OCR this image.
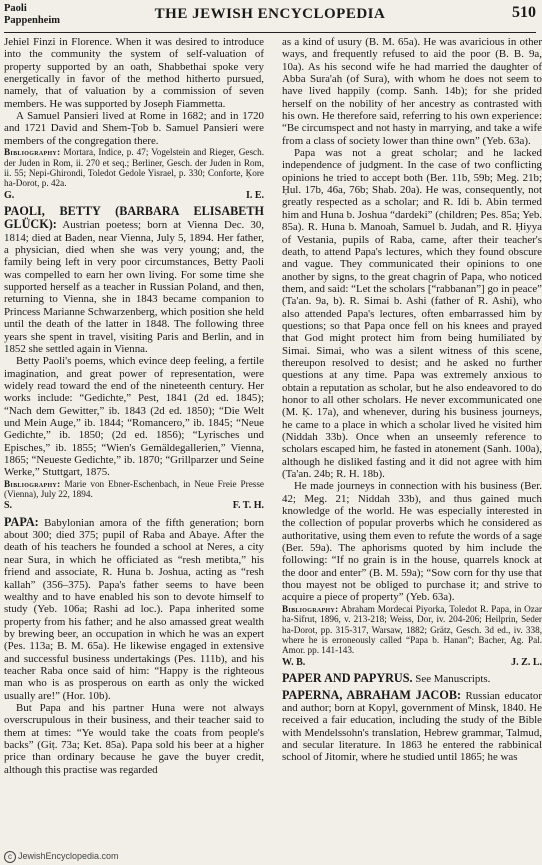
Paoli
Pappenheim	THE JEWISH ENCYCLOPEDIA	510

Jehiel Finzi in Florence. When it was desired to introduce into the community the system of self-valuation of property supported by an oath, Shabbethai spoke very energetically in favor of the method hitherto pursued, namely, that of valuation by a commission of seven members. He was supported by Joseph Fiammetta.

A Samuel Pansieri lived at Rome in 1682; and in 1720 and 1721 David and Shem-Ṭob b. Samuel Pansieri were members of the congregation there.

Bibliography: Mortara, Indice, p. 47; Vogelstein and Rieger, Gesch. der Juden in Rom, ii. 270 et seq.; Berliner, Gesch. der Juden in Rom, ii. 55; Nepi-Ghirondi, Toledot Gedole Yisrael, p. 330; Conforte, Ḳore ha-Dorot, p. 42a.

G.	I. E.

PAOLI, BETTY (BARBARA ELISABETH GLÜCK): Austrian poetess; born at Vienna Dec. 30, 1814; died at Baden, near Vienna, July 5, 1894. Her father, a physician, died when she was very young; and, the family being left in very poor circumstances, Betty Paoli was compelled to earn her own living. For some time she supported herself as a teacher in Russian Poland, and then, returning to Vienna, she in 1843 became companion to Princess Marianne Schwarzenberg, which position she held until the death of the latter in 1848. The following three years she spent in travel, visiting Paris and Berlin, and in 1852 she settled again in Vienna.

Betty Paoli's poems, which evince deep feeling, a fertile imagination, and great power of representation, were widely read toward the end of the nineteenth century. Her works include: “Gedichte,” Pest, 1841 (2d ed. 1845); “Nach dem Gewitter,” ib. 1843 (2d ed. 1850); “Die Welt und Mein Auge,” ib. 1844; “Romancero,” ib. 1845; “Neue Gedichte,” ib. 1850; (2d ed. 1856); “Lyrisches und Episches,” ib. 1855; “Wien's Gemäldegallerien,” Vienna, 1865; “Neueste Gedichte,” ib. 1870; “Grillparzer und Seine Werke,” Stuttgart, 1875.

Bibliography: Marie von Ebner-Eschenbach, in Neue Freie Presse (Vienna), July 22, 1894.

S.	F. T. H.

PAPA: Babylonian amora of the fifth generation; born about 300; died 375; pupil of Raba and Abaye. After the death of his teachers he founded a school at Neres, a city near Sura, in which he officiated as “resh metibta,” his friend and associate, R. Huna b. Joshua, acting as “resh kallah” (356–375). Papa's father seems to have been wealthy and to have enabled his son to devote himself to study (Yeb. 106a; Rashi ad loc.). Papa inherited some property from his father; and he also amassed great wealth by brewing beer, an occupation in which he was an expert (Pes. 113a; B. M. 65a). He likewise engaged in extensive and successful business undertakings (Pes. 111b), and his teacher Raba once said of him: “Happy is the righteous man who is as prosperous on earth as only the wicked usually are!” (Hor. 10b).

But Papa and his partner Huna were not always overscrupulous in their business, and their teacher said to them at times: “Ye would take the coats from people's backs” (Giṭ. 73a; Ket. 85a). Papa sold his beer at a higher price than ordinary because he gave the buyer credit, although this practise was regarded

as a kind of usury (B. M. 65a). He was avaricious in other ways, and frequently refused to aid the poor (B. B. 9a, 10a). As his second wife he had married the daughter of Abba Sura'ah (of Sura), with whom he does not seem to have lived happily (comp. Sanh. 14b); for she prided herself on the nobility of her ancestry as contrasted with his own. He therefore said, referring to his own experience: “Be circumspect and not hasty in marrying, and take a wife from a class of society lower than thine own” (Yeb. 63a).

Papa was not a great scholar; and he lacked independence of judgment. In the case of two conflicting opinions he tried to accept both (Ber. 11b, 59b; Meg. 21b; Ḥul. 17b, 46a, 76b; Shab. 20a). He was, consequently, not greatly respected as a scholar; and R. Idi b. Abin termed him and Huna b. Joshua “dardeki” (children; Pes. 85a; Yeb. 85a). R. Huna b. Manoah, Samuel b. Judah, and R. Ḥiyya of Vestania, pupils of Raba, came, after their teacher's death, to attend Papa's lectures, which they found obscure and vague. They communicated their opinions to one another by signs, to the great chagrin of Papa, who noticed them, and said: “Let the scholars [“rabbanan”] go in peace” (Ta'an. 9a, b). R. Simai b. Ashi (father of R. Ashi), who also attended Papa's lectures, often embarrassed him by questions; so that Papa once fell on his knees and prayed that God might protect him from being humiliated by Simai. Simai, who was a silent witness of this scene, thereupon resolved to desist; and he asked no further questions at any time. Papa was extremely anxious to obtain a reputation as scholar, but he also endeavored to do honor to all other scholars. He never excommunicated one (M. Ḳ. 17a), and whenever, during his business journeys, he came to a place in which a scholar lived he visited him (Niddah 33b). Once when an unseemly reference to scholars escaped him, he fasted in atonement (Sanh. 100a), although he disliked fasting and it did not agree with him (Ta'an. 24b; R. H. 18b).

He made journeys in connection with his business (Ber. 42; Meg. 21; Niddah 33b), and thus gained much knowledge of the world. He was especially interested in the collection of popular proverbs which he considered as authoritative, using them even to refute the words of a sage (Ber. 59a). The aphorisms quoted by him include the following: “If no grain is in the house, quarrels knock at the door and enter” (B. M. 59a); “Sow corn for thy use that thou mayest not be obliged to purchase it; and strive to acquire a piece of property” (Yeb. 63a).

Bibliography: Abraham Mordecai Piyorka, Toledot R. Papa, in Ozar ha-Sifrut, 1896, v. 213-218; Weiss, Dor, iv. 204-206; Heilprin, Seder ha-Dorot, pp. 315-317, Warsaw, 1882; Grätz, Gesch. 3d ed., iv. 338, where he is erroneously called “Papa b. Hanan”; Bacher, Ag. Pal. Amor. pp. 141-143.

W. B.	J. Z. L.

PAPER AND PAPYRUS. See Manuscripts.

PAPERNA, ABRAHAM JACOB: Russian educator and author; born at Kopyl, government of Minsk, 1840. He received a fair education, including the study of the Bible with Mendelssohn's translation, Hebrew grammar, Talmud, and secular literature. In 1863 he entered the rabbinical school of Jitomir, where he studied until 1865; he was

c JewishEncyclopedia.com
